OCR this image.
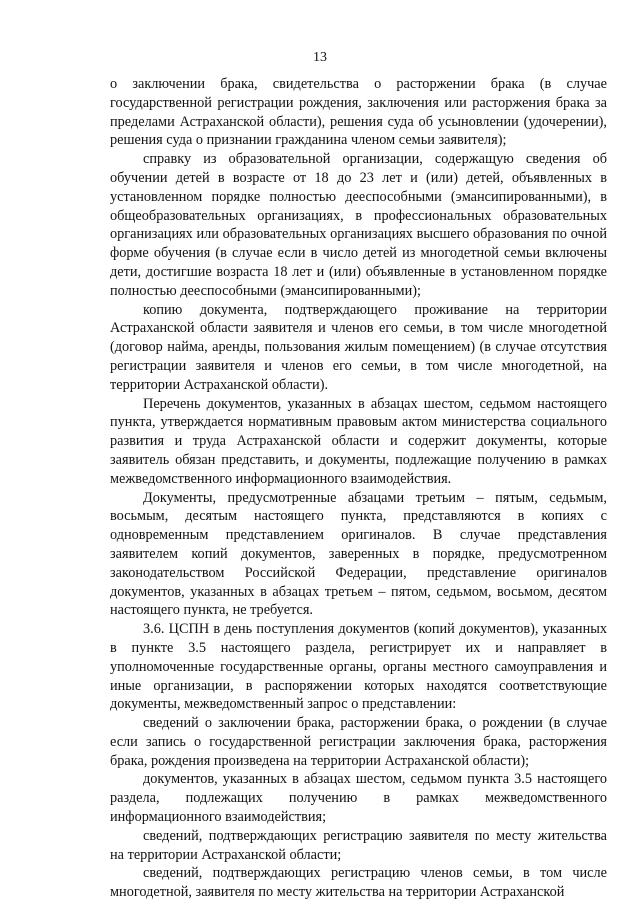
13

о заключении брака, свидетельства о расторжении брака (в случае государственной регистрации рождения, заключения или расторжения брака за пределами Астраханской области), решения суда об усыновлении (удочерении), решения суда о признании гражданина членом семьи заявителя);

справку из образовательной организации, содержащую сведения об обучении детей в возрасте от 18 до 23 лет и (или) детей, объявленных в установленном порядке полностью дееспособными (эмансипированными), в общеобразовательных организациях, в профессиональных образовательных организациях или образовательных организациях высшего образования по очной форме обучения (в случае если в число детей из многодетной семьи включены дети, достигшие возраста 18 лет и (или) объявленные в установленном порядке полностью дееспособными (эмансипированными);

копию документа, подтверждающего проживание на территории Астраханской области заявителя и членов его семьи, в том числе многодетной (договор найма, аренды, пользования жилым помещением) (в случае отсутствия регистрации заявителя и членов его семьи, в том числе многодетной, на территории Астраханской области).

Перечень документов, указанных в абзацах шестом, седьмом настоящего пункта, утверждается нормативным правовым актом министерства социального развития и труда Астраханской области и содержит документы, которые заявитель обязан представить, и документы, подлежащие получению в рамках межведомственного информационного взаимодействия.

Документы, предусмотренные абзацами третьим – пятым, седьмым, восьмым, десятым настоящего пункта, представляются в копиях с одновременным представлением оригиналов. В случае представления заявителем копий документов, заверенных в порядке, предусмотренном законодательством Российской Федерации, представление оригиналов документов, указанных в абзацах третьем – пятом, седьмом, восьмом, десятом настоящего пункта, не требуется.

3.6. ЦСПН в день поступления документов (копий документов), указанных в пункте 3.5 настоящего раздела, регистрирует их и направляет в уполномоченные государственные органы, органы местного самоуправления и иные организации, в распоряжении которых находятся соответствующие документы, межведомственный запрос о представлении:

сведений о заключении брака, расторжении брака, о рождении (в случае если запись о государственной регистрации заключения брака, расторжения брака, рождения произведена на территории Астраханской области);

документов, указанных в абзацах шестом, седьмом пункта 3.5 настоящего раздела, подлежащих получению в рамках межведомственного информационного взаимодействия;

сведений, подтверждающих регистрацию заявителя по месту жительства на территории Астраханской области;

сведений, подтверждающих регистрацию членов семьи, в том числе многодетной, заявителя по месту жительства на территории Астраханской
